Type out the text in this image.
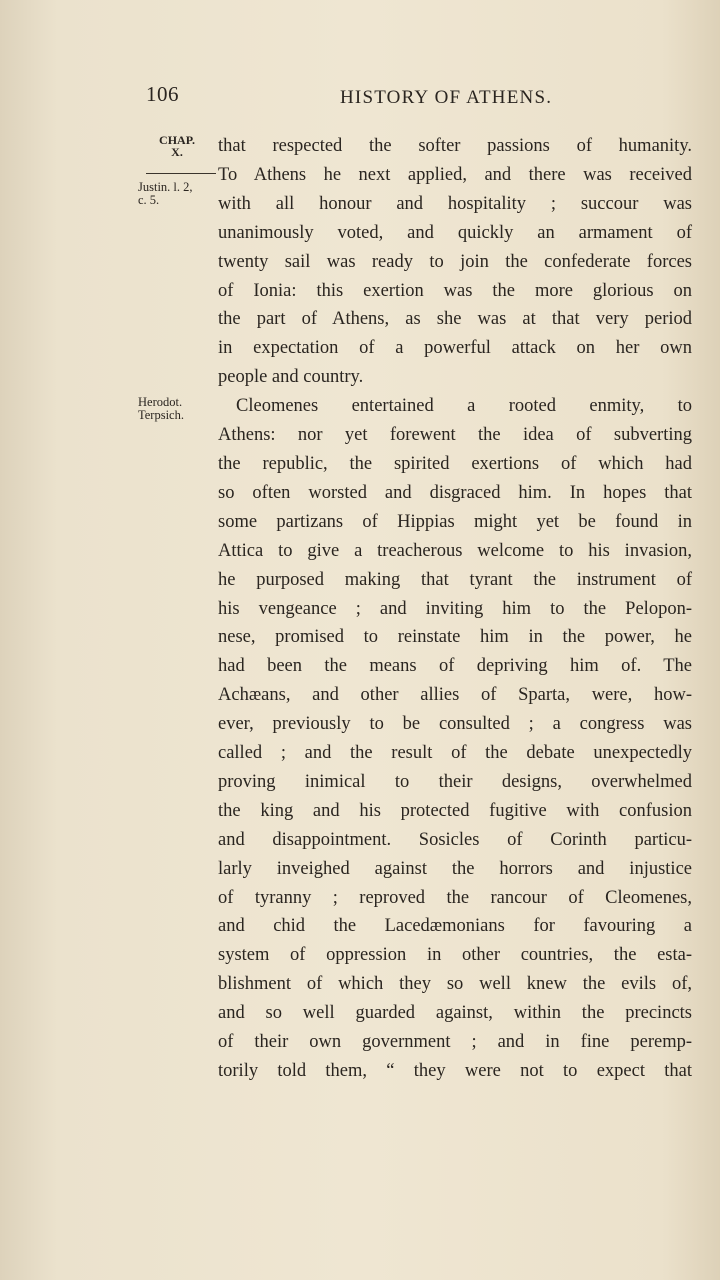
106	HISTORY OF ATHENS.
CHAP.
X.
Justin. l. 2,
c. 5.
Herodot.
Terpsich.
that respected the softer passions of humanity.
To Athens he next applied, and there was received
with all honour and hospitality ; succour was
unanimously voted, and quickly an armament of
twenty sail was ready to join the confederate forces
of Ionia: this exertion was the more glorious on
the part of Athens, as she was at that very period
in expectation of a powerful attack on her own
people and country.
Cleomenes entertained a rooted enmity, to
Athens: nor yet forewent the idea of subverting
the republic, the spirited exertions of which had
so often worsted and disgraced him. In hopes that
some partizans of Hippias might yet be found in
Attica to give a treacherous welcome to his invasion,
he purposed making that tyrant the instrument of
his vengeance ; and inviting him to the Pelopon-
nese, promised to reinstate him in the power, he
had been the means of depriving him of. The
Achæans, and other allies of Sparta, were, how-
ever, previously to be consulted ; a congress was
called ; and the result of the debate unexpectedly
proving inimical to their designs, overwhelmed
the king and his protected fugitive with confusion
and disappointment. Sosicles of Corinth particu-
larly inveighed against the horrors and injustice
of tyranny ; reproved the rancour of Cleomenes,
and chid the Lacedæmonians for favouring a
system of oppression in other countries, the esta-
blishment of which they so well knew the evils of,
and so well guarded against, within the precincts
of their own government ; and in fine peremp-
torily told them, “ they were not to expect that
